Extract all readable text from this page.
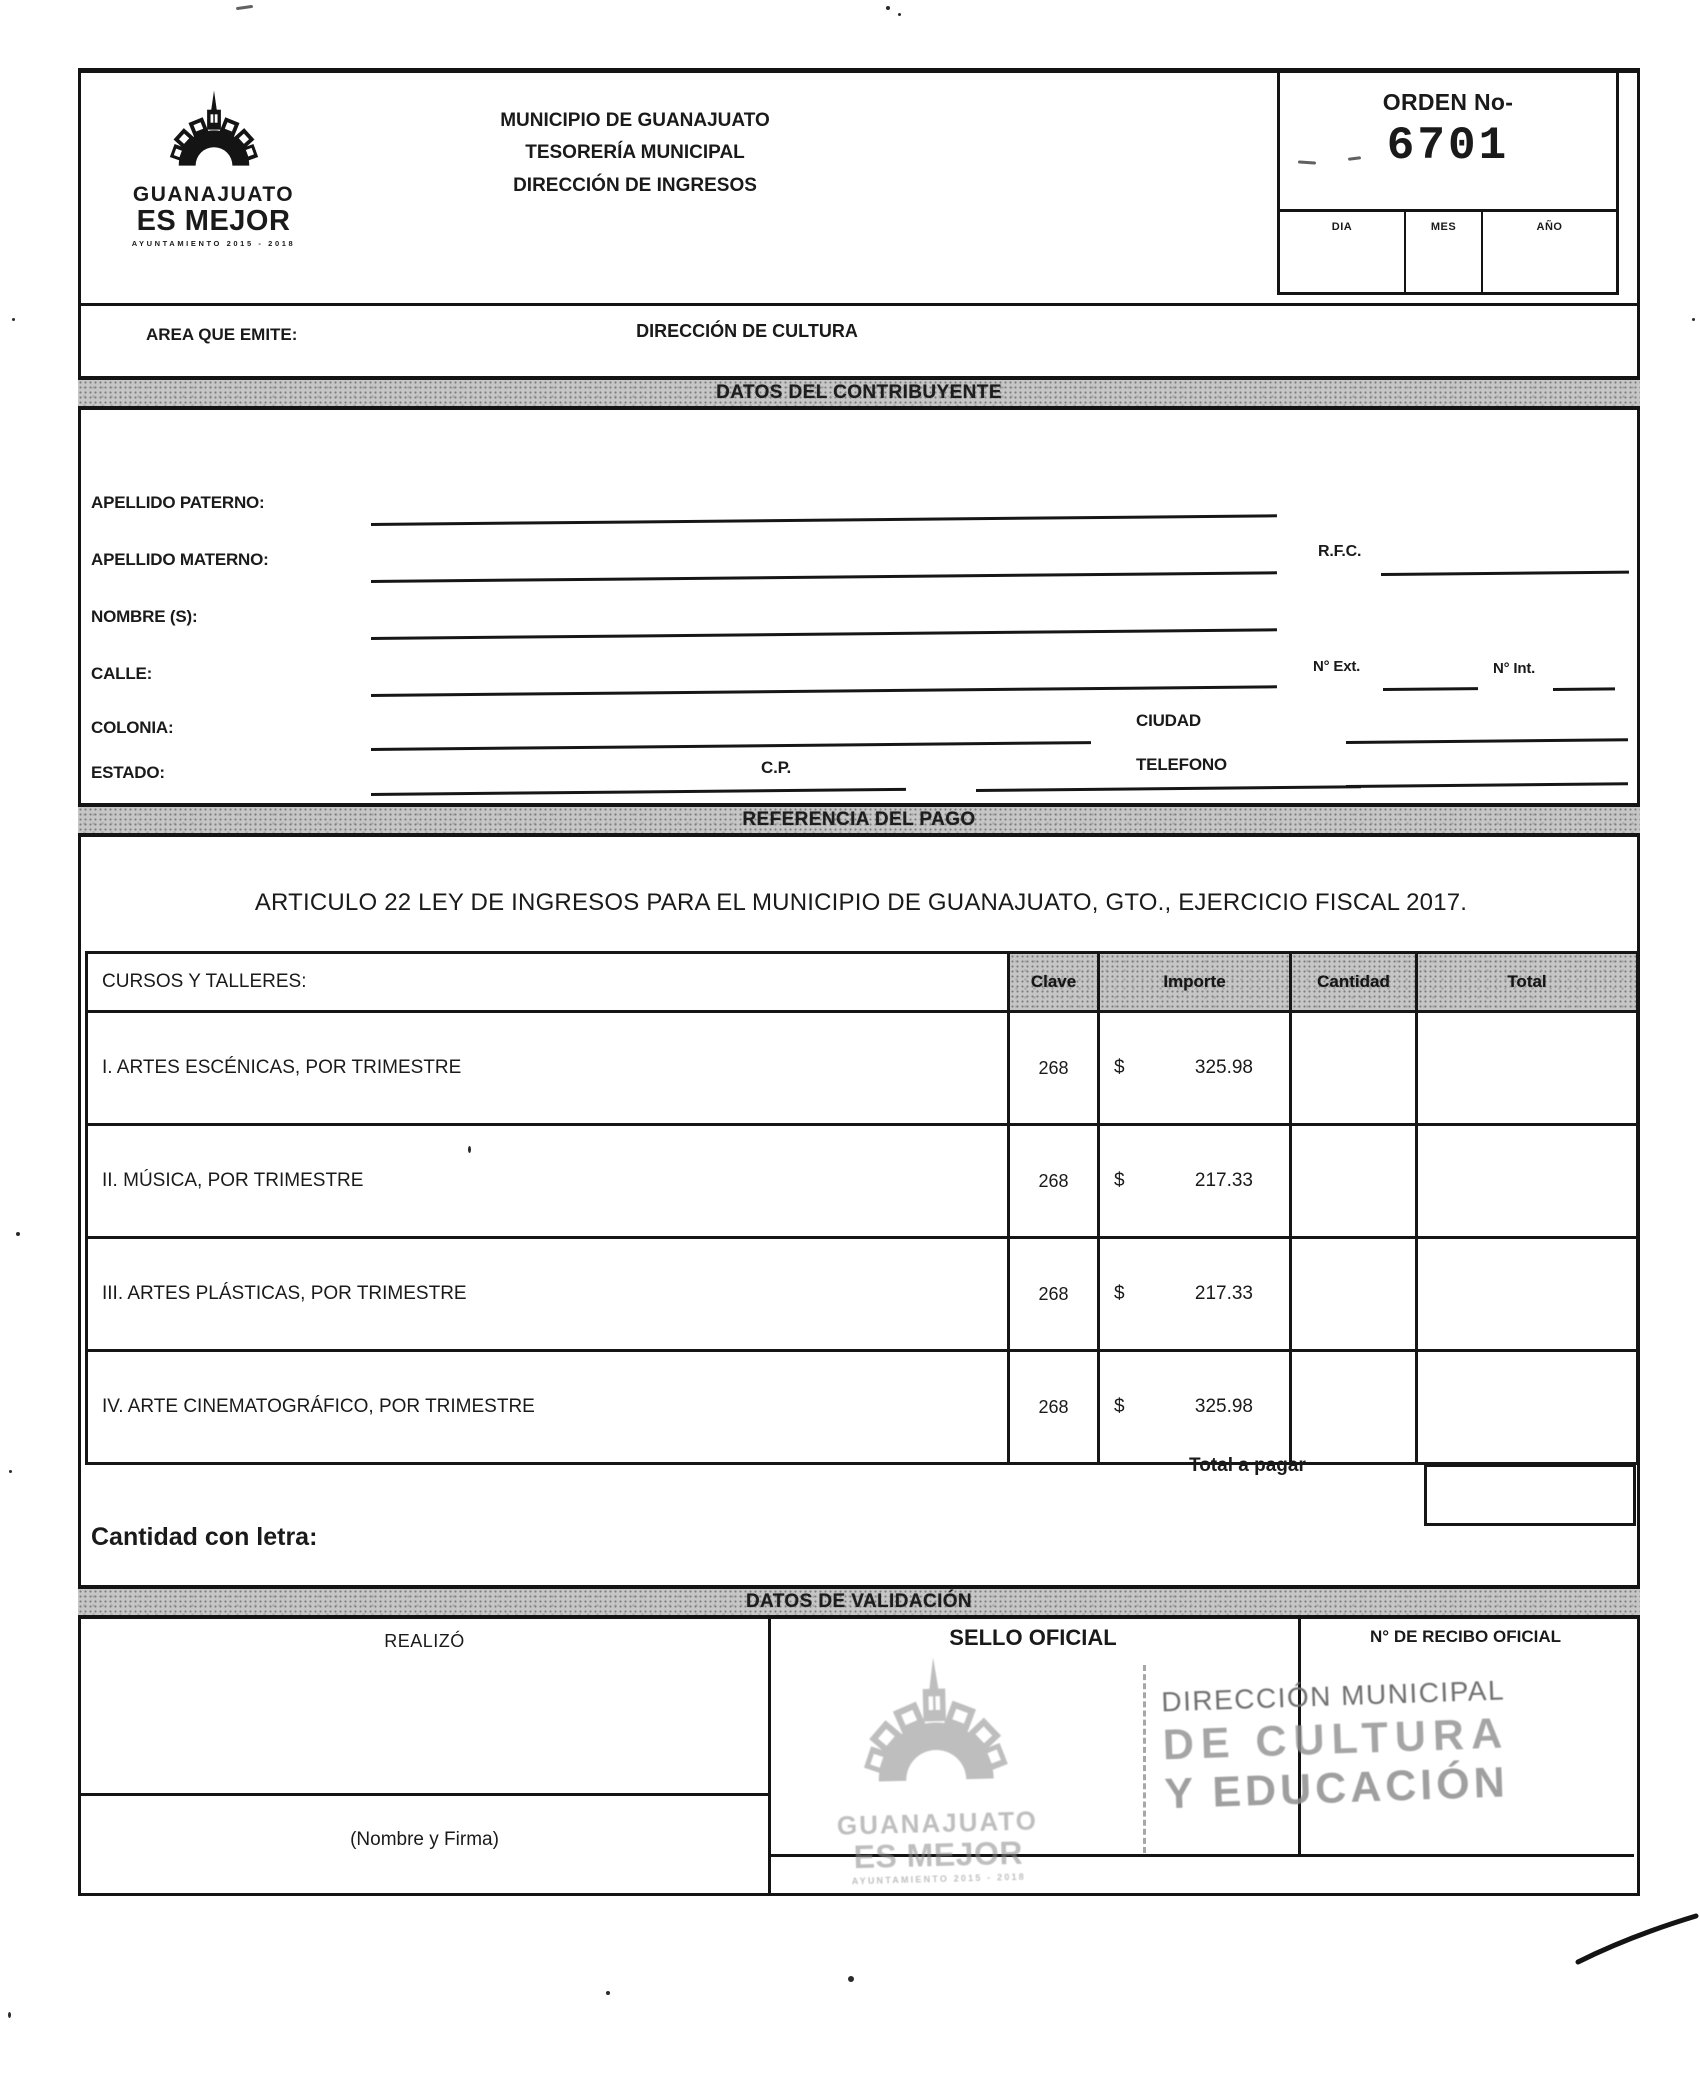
GUANAJUATO
ES MEJOR
AYUNTAMIENTO 2015 - 2018
MUNICIPIO DE GUANAJUATO
TESORERÍA MUNICIPAL
DIRECCIÓN DE INGRESOS
ORDEN No-
6701
DIA	MES	AÑO
AREA QUE EMITE:	DIRECCIÓN DE CULTURA
DATOS DEL CONTRIBUYENTE
APELLIDO PATERNO:
APELLIDO MATERNO:	R.F.C.
NOMBRE (S):
CALLE:	N° Ext.	N° Int.
COLONIA:	CIUDAD
ESTADO:	C.P.	TELEFONO
REFERENCIA DEL PAGO
ARTICULO 22 LEY DE INGRESOS PARA EL MUNICIPIO DE GUANAJUATO, GTO., EJERCICIO FISCAL 2017.
CURSOS Y TALLERES:	Clave	Importe	Cantidad	Total
I. ARTES ESCÉNICAS, POR TRIMESTRE	268	$	325.98
II. MÚSICA, POR TRIMESTRE	268	$	217.33
III. ARTES PLÁSTICAS, POR TRIMESTRE	268	$	217.33
IV. ARTE CINEMATOGRÁFICO, POR TRIMESTRE	268	$	325.98
Total a pagar
Cantidad con letra:
DATOS DE VALIDACIÓN
REALIZÓ
(Nombre y Firma)
SELLO OFICIAL	N° DE RECIBO OFICIAL
GUANAJUATO
ES MEJOR
AYUNTAMIENTO 2015 - 2018
DIRECCIÓN MUNICIPAL
DE CULTURA
Y EDUCACIÓN
